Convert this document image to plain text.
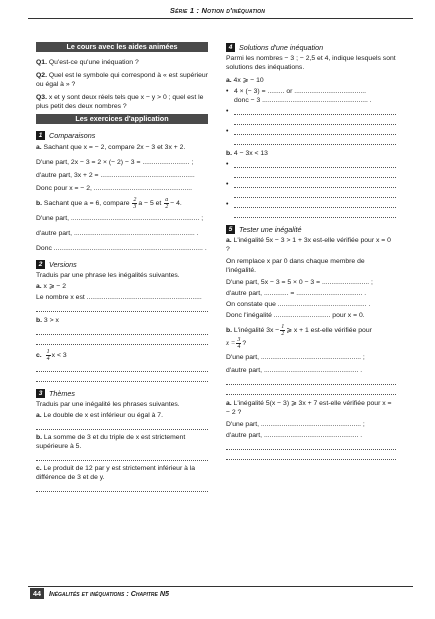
Série 1 : Notion d'inéquation
Le cours avec les aides animées

Q1. Qu'est-ce qu'une inéquation ?

Q2. Quel est le symbole qui correspond à « est supérieur ou égal à » ?

Q3. x et y sont deux réels tels que x − y > 0 ; quel est le plus petit des deux nombres ?

Les exercices d'application
1 Comparaisons

a. Sachant que x = − 2, compare 2x − 3 et 3x + 2.

D'une part, 2x − 3 = 2 × (− 2) − 3 = ......................... ;

d'autre part, 3x + 2 = ..................................................

Donc pour x = − 2, ....................................................

b. Sachant que a = 6, compare $\frac{2}{3}$ a − 5 et $\frac{a}{2} - 4$.

D'une part, .................................................................... ;

d'autre part, ................................................................ .

Donc ............................................................................... .

2 Versions

Traduis par une phrase les inégalités suivantes.

a. x ⩾ − 2

Le nombre x est .............................................................

b. 3 > x

c. $\frac{1}{4}$ x < 3

3 Thèmes

Traduis par une inégalité les phrases suivantes.

a. Le double de x est inférieur ou égal à 7.

b. La somme de 3 et du triple de x est strictement supérieure à 5.

c. Le produit de 12 par y est strictement inférieur à la différence de 3 et de y.

4 Solutions d'une inéquation

Parmi les nombres − 3 ; − 2,5 et 4, indique lesquels sont solutions des inéquations.

a. 4x ⩾ − 10

• 4 × (− 3) = ......... or ......................................

donc − 3 ........................................................ .

•
•

b. 4 − 3x < 13

•
•
•
5 Tester une inégalité

a. L'inégalité 5x − 3 > 1 + 3x est-elle vérifiée pour x = 0 ?

On remplace x par 0 dans chaque membre de l'inégalité.

D'une part, 5x − 3 = 5 × 0 − 3 = ......................... ;

d'autre part, ............. = ................................... .

On constate que ............................................... .

Donc l'inégalité .............................. pour x = 0.

b. L'inégalité $3x - \frac{1}{2}$ ⩾ x + 1 est-elle vérifiée pour

$x = \frac{3}{4}$ ?

D'une part, ..................................................... ;

d'autre part, .................................................. .

a. L'inégalité 5(x − 3) ⩾ 3x + 7 est-elle vérifiée pour x = − 2 ?

D'une part, ..................................................... ;

d'autre part, .................................................. .

44	Inégalités et inéquations : Chapitre N5
